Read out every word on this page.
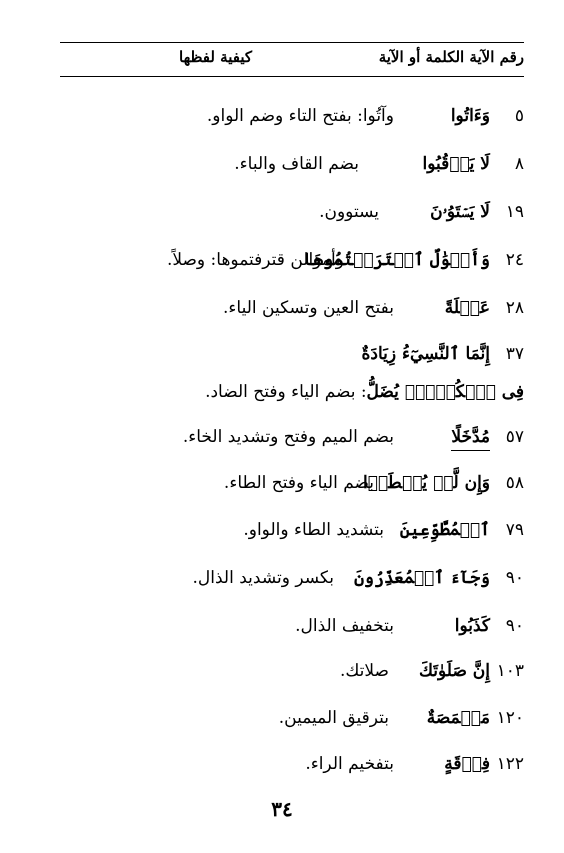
رقم الآية الكلمة أو الآية
كيفية لفظها
٥
وَءَاتُوا
وآتُوا: بفتح التاء وضم الواو.
٨
لَا يَرۡقُبُوا
بضم القاف والباء.
١٩
لَا يَسۡتَوُۥنَ
يستوون.
٢٤
وَأَمۡوَٰلٌ ٱقۡتَرَفۡتُمُوهَا
وأموالن قترفتموها: وصلاً.
٢٨
عَيۡلَةً
بفتح العين وتسكين الياء.
٣٧
إِنَّمَا ٱلنَّسِيٓءُ زِيَادَةٌ
فِى ٱلۡكُفۡرِۖ يُضَلُّ
يُضل: بضم الياء وفتح الضاد.
٥٧
مُدَّخَلًا
بضم الميم وفتح وتشديد الخاء.
٥٨
وَإِن لَّمۡ يُعۡطَوۡا
بضم الياء وفتح الطاء.
٧٩
ٱلۡمُطَّوِّعِينَ
بتشديد الطاء والواو.
٩٠
وَجَآءَ ٱلۡمُعَذِّرُونَ
بكسر وتشديد الذال.
٩٠
كَذَبُوا
بتخفيف الذال.
١٠٣
إِنَّ صَلَوٰتَكَ
صلاتك.
١٢٠
مَخۡمَصَةٌ
بترقيق الميمين.
١٢٢
فِرۡقَةٍ
بتفخيم الراء.
٣٤
